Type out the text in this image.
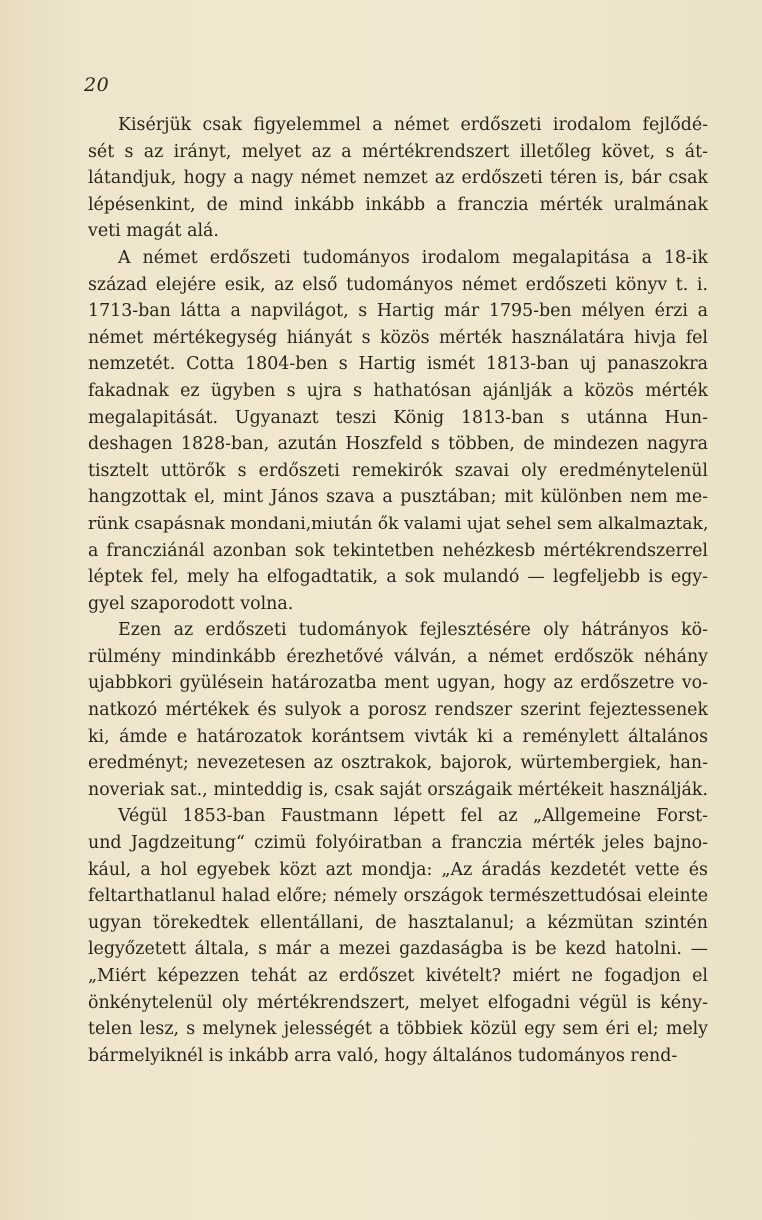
20
Kisérjük csak figyelemmel a német erdőszeti irodalom fejlődé-
sét s az irányt, melyet az a mértékrendszert illetőleg követ, s át-
látandjuk, hogy a nagy német nemzet az erdőszeti téren is, bár csak
lépésenkint, de mind inkább inkább a franczia mérték uralmának
veti magát alá.
A német erdőszeti tudományos irodalom megalapitása a 18-ik
század elejére esik, az első tudományos német erdőszeti könyv t. i.
1713-ban látta a napvilágot, s Hartig már 1795-ben mélyen érzi a
német mértékegység hiányát s közös mérték használatára hivja fel
nemzetét. Cotta 1804-ben s Hartig ismét 1813-ban uj panaszokra
fakadnak ez ügyben s ujra s hathatósan ajánlják a közös mérték
megalapitását. Ugyanazt teszi König 1813-ban s utánna Hun-
deshagen 1828-ban, azután Hoszfeld s többen, de mindezen nagyra
tisztelt uttörők s erdőszeti remekirók szavai oly eredménytelenül
hangzottak el, mint János szava a pusztában; mit különben nem me-
rünk csapásnak mondani,miután ők valami ujat sehel sem alkalmaztak,
a francziánál azonban sok tekintetben nehézkesb mértékrendszerrel
léptek fel, mely ha elfogadtatik, a sok mulandó — legfeljebb is egy-
gyel szaporodott volna.
Ezen az erdőszeti tudományok fejlesztésére oly hátrányos kö-
rülmény mindinkább érezhetővé válván, a német erdőszök néhány
ujabbkori gyülésein határozatba ment ugyan, hogy az erdőszetre vo-
natkozó mértékek és sulyok a porosz rendszer szerint fejeztessenek
ki, ámde e határozatok korántsem vivták ki a reménylett általános
eredményt; nevezetesen az osztrakok, bajorok, würtembergiek, han-
noveriak sat., minteddig is, csak saját országaik mértékeit használják.
Végül 1853-ban Faustmann lépett fel az „Allgemeine Forst-
und Jagdzeitung“ czimü folyóiratban a franczia mérték jeles bajno-
kául, a hol egyebek közt azt mondja: „Az áradás kezdetét vette és
feltarthatlanul halad előre; némely országok természettudósai eleinte
ugyan törekedtek ellentállani, de hasztalanul; a kézmütan szintén
legyőzetett általa, s már a mezei gazdaságba is be kezd hatolni. —
„Miért képezzen tehát az erdőszet kivételt? miért ne fogadjon el
önkénytelenül oly mértékrendszert, melyet elfogadni végül is kény-
telen lesz, s melynek jelességét a többiek közül egy sem éri el; mely
bármelyiknél is inkább arra való, hogy általános tudományos rend-
